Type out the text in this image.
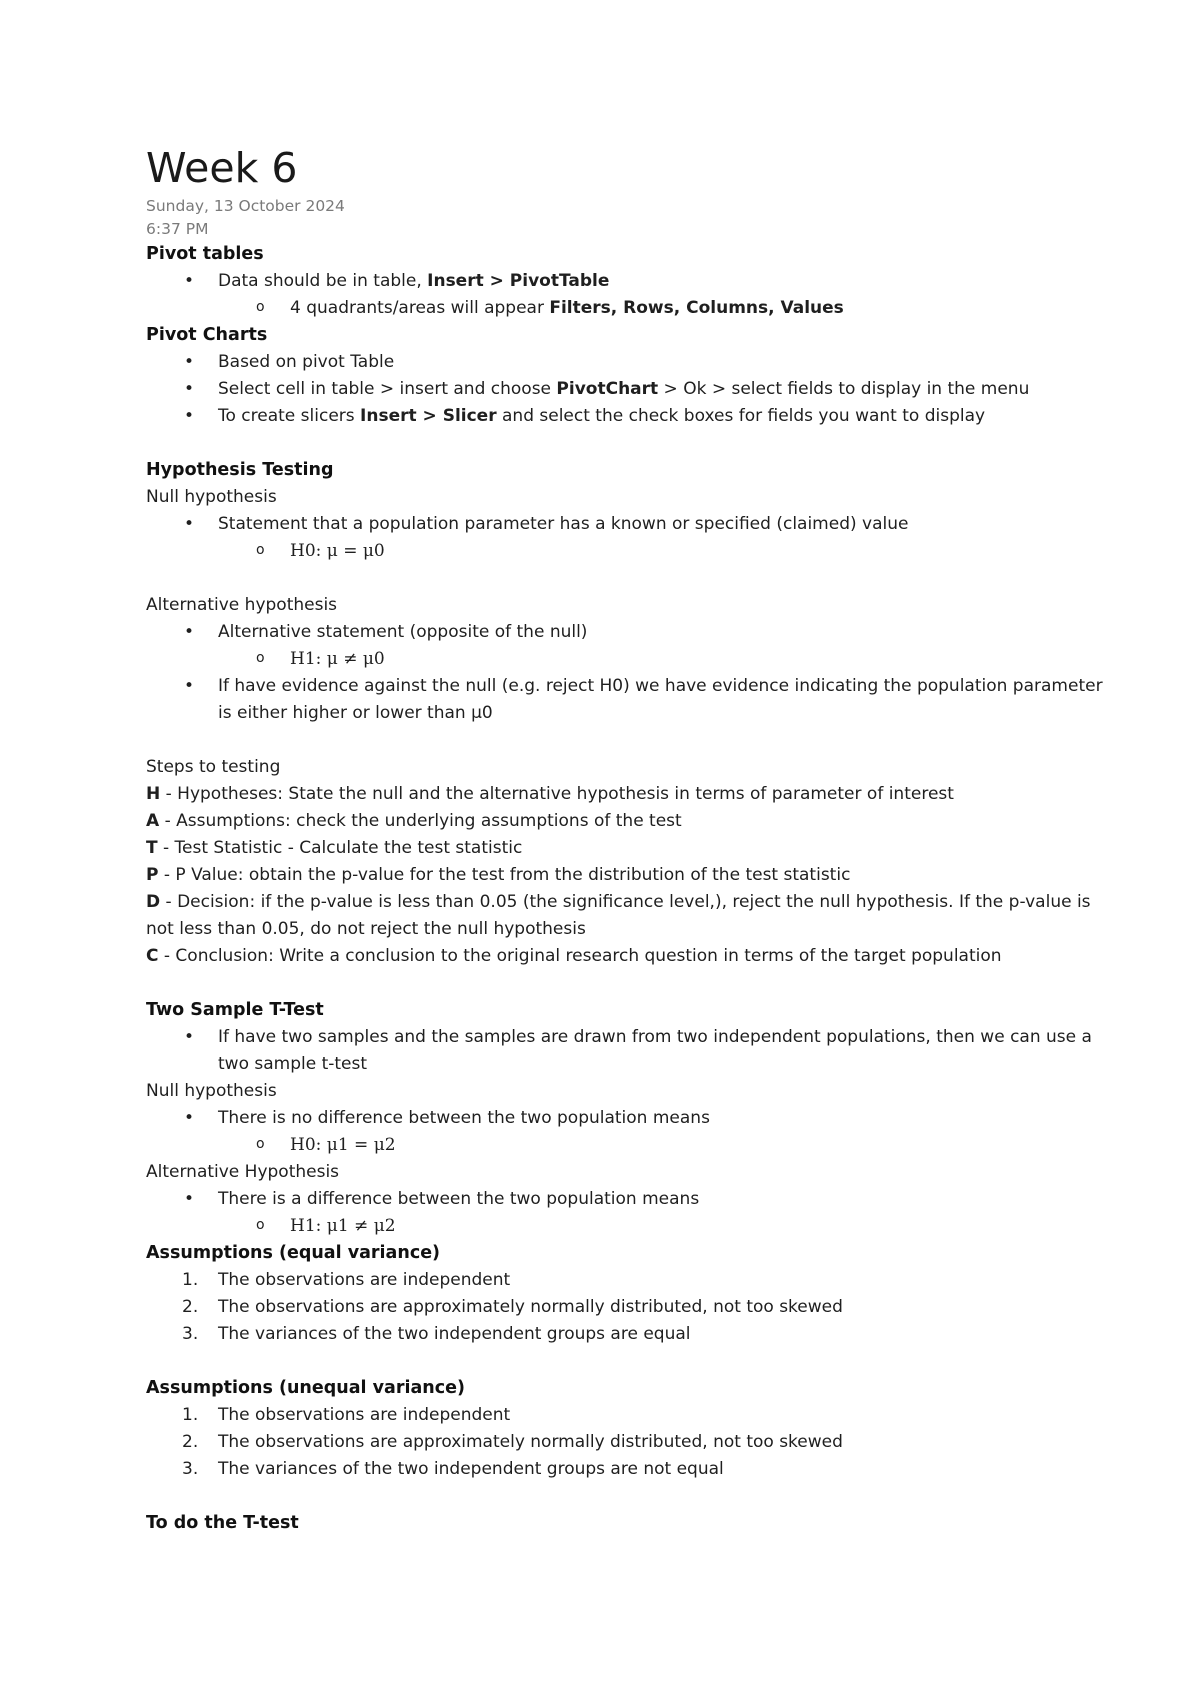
Week 6
Sunday, 13 October 2024
6:37 PM
Pivot tables
• Data should be in table, Insert > PivotTable
o 4 quadrants/areas will appear Filters, Rows, Columns, Values
Pivot Charts
• Based on pivot Table
• Select cell in table > insert and choose PivotChart > Ok > select fields to display in the menu
• To create slicers Insert > Slicer and select the check boxes for fields you want to display
Hypothesis Testing
Null hypothesis
• Statement that a population parameter has a known or specified (claimed) value
o H0: μ = μ0
Alternative hypothesis
• Alternative statement (opposite of the null)
o H1: μ ≠ μ0
• If have evidence against the null (e.g. reject H0) we have evidence indicating the population parameter is either higher or lower than μ0
Steps to testing
H - Hypotheses: State the null and the alternative hypothesis in terms of parameter of interest
A - Assumptions: check the underlying assumptions of the test
T - Test Statistic - Calculate the test statistic
P - P Value: obtain the p-value for the test from the distribution of the test statistic
D - Decision: if the p-value is less than 0.05 (the significance level,), reject the null hypothesis. If the p-value is not less than 0.05, do not reject the null hypothesis
C - Conclusion: Write a conclusion to the original research question in terms of the target population
Two Sample T-Test
• If have two samples and the samples are drawn from two independent populations, then we can use a two sample t-test
Null hypothesis
• There is no difference between the two population means
o H0: μ1 = μ2
Alternative Hypothesis
• There is a difference between the two population means
o H1: μ1 ≠ μ2
Assumptions (equal variance)
1. The observations are independent
2. The observations are approximately normally distributed, not too skewed
3. The variances of the two independent groups are equal
Assumptions (unequal variance)
1. The observations are independent
2. The observations are approximately normally distributed, not too skewed
3. The variances of the two independent groups are not equal
To do the T-test
